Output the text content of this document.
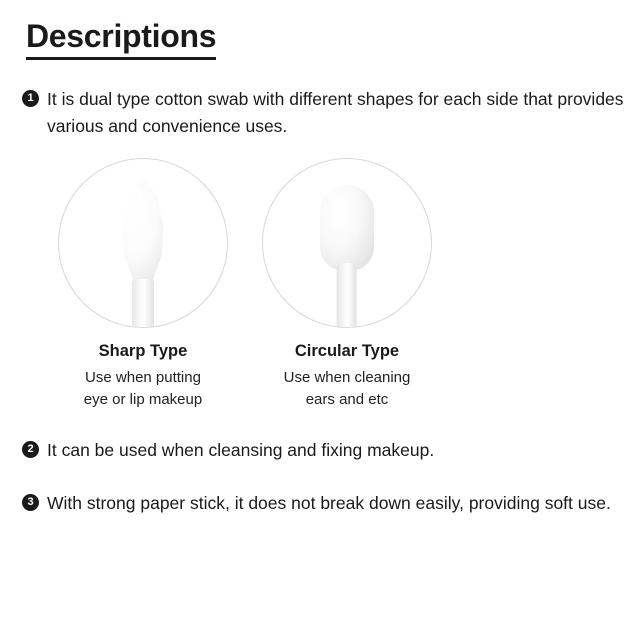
Descriptions
1 It is dual type cotton swab with different shapes for each side that provides various and convenience uses.
Sharp Type
Use when putting
eye or lip makeup
Circular Type
Use when cleaning
ears and etc
2 It can be used when cleansing and fixing makeup.
3 With strong paper stick, it does not break down easily, providing soft use.
